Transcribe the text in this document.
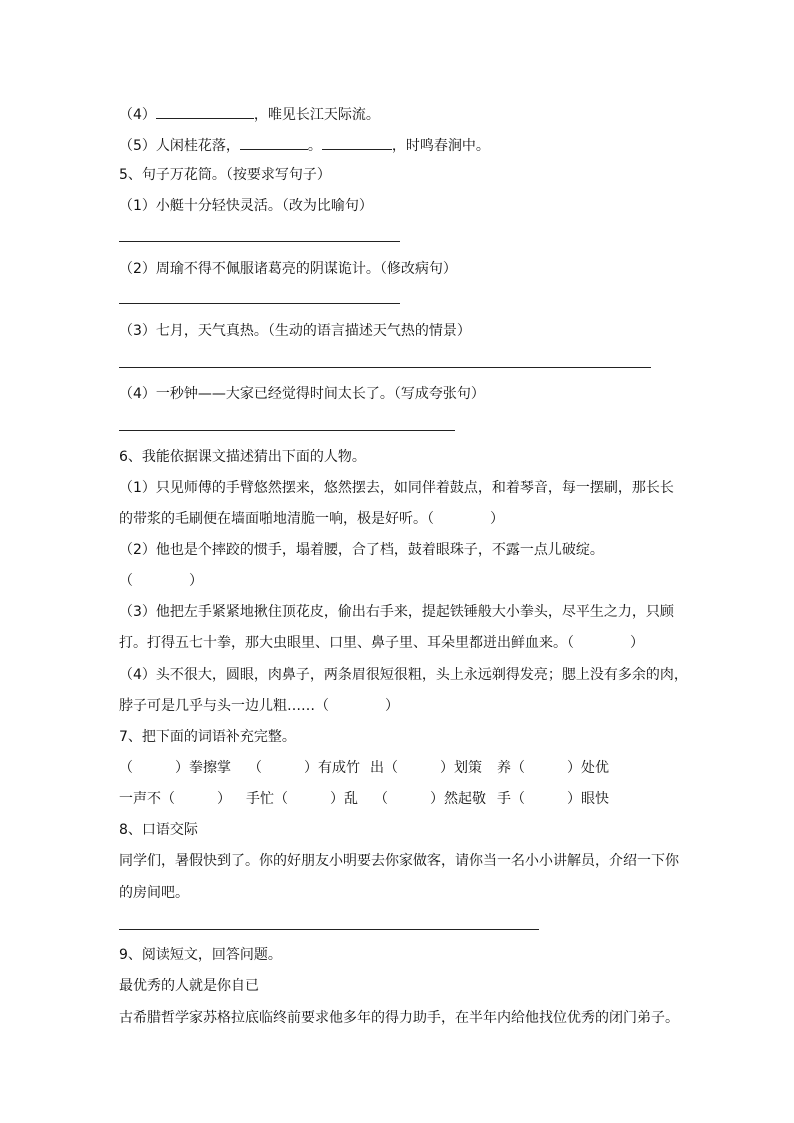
（4）	，唯见长江天际流。
（5）人闲桂花落，	。	，时鸣春涧中。
5、句子万花筒。（按要求写句子）
（1）小艇十分轻快灵活。（改为比喻句）
（2）周瑜不得不佩服诸葛亮的阴谋诡计。（修改病句）
（3）七月，天气真热。（生动的语言描述天气热的情景）
（4）一秒钟——大家已经觉得时间太长了。（写成夸张句）
6、我能依据课文描述猜出下面的人物。
（1）只见师傅的手臂悠然摆来，悠然摆去，如同伴着鼓点，和着琴音，每一摆刷，那长长
的带浆的毛刷便在墙面啪地清脆一响，极是好听。（　　　　）
（2）他也是个摔跤的惯手，塌着腰，合了档，鼓着眼珠子，不露一点儿破绽。
（　　　　）
（3）他把左手紧紧地揪住顶花皮，偷出右手来，提起铁锤般大小拳头，尽平生之力，只顾
打。打得五七十拳，那大虫眼里、口里、鼻子里、耳朵里都迸出鲜血来。（　　　　）
（4）头不很大，圆眼，肉鼻子，两条眉很短很粗，头上永远剃得发亮；腮上没有多余的肉，
脖子可是几乎与头一边儿粗……（　　　　）
7、把下面的词语补充完整。
（　　　）拳擦掌 （　　　）有成竹 出（　　　）划策 养（　　　）处优
一声不（　　　） 手忙（　　　）乱 （　　　）然起敬 手（　　　）眼快
8、口语交际
同学们，暑假快到了。你的好朋友小明要去你家做客，请你当一名小小讲解员，介绍一下你
的房间吧。
9、阅读短文，回答问题。
最优秀的人就是你自已
古希腊哲学家苏格拉底临终前要求他多年的得力助手，在半年内给他找位优秀的闭门弟子。
